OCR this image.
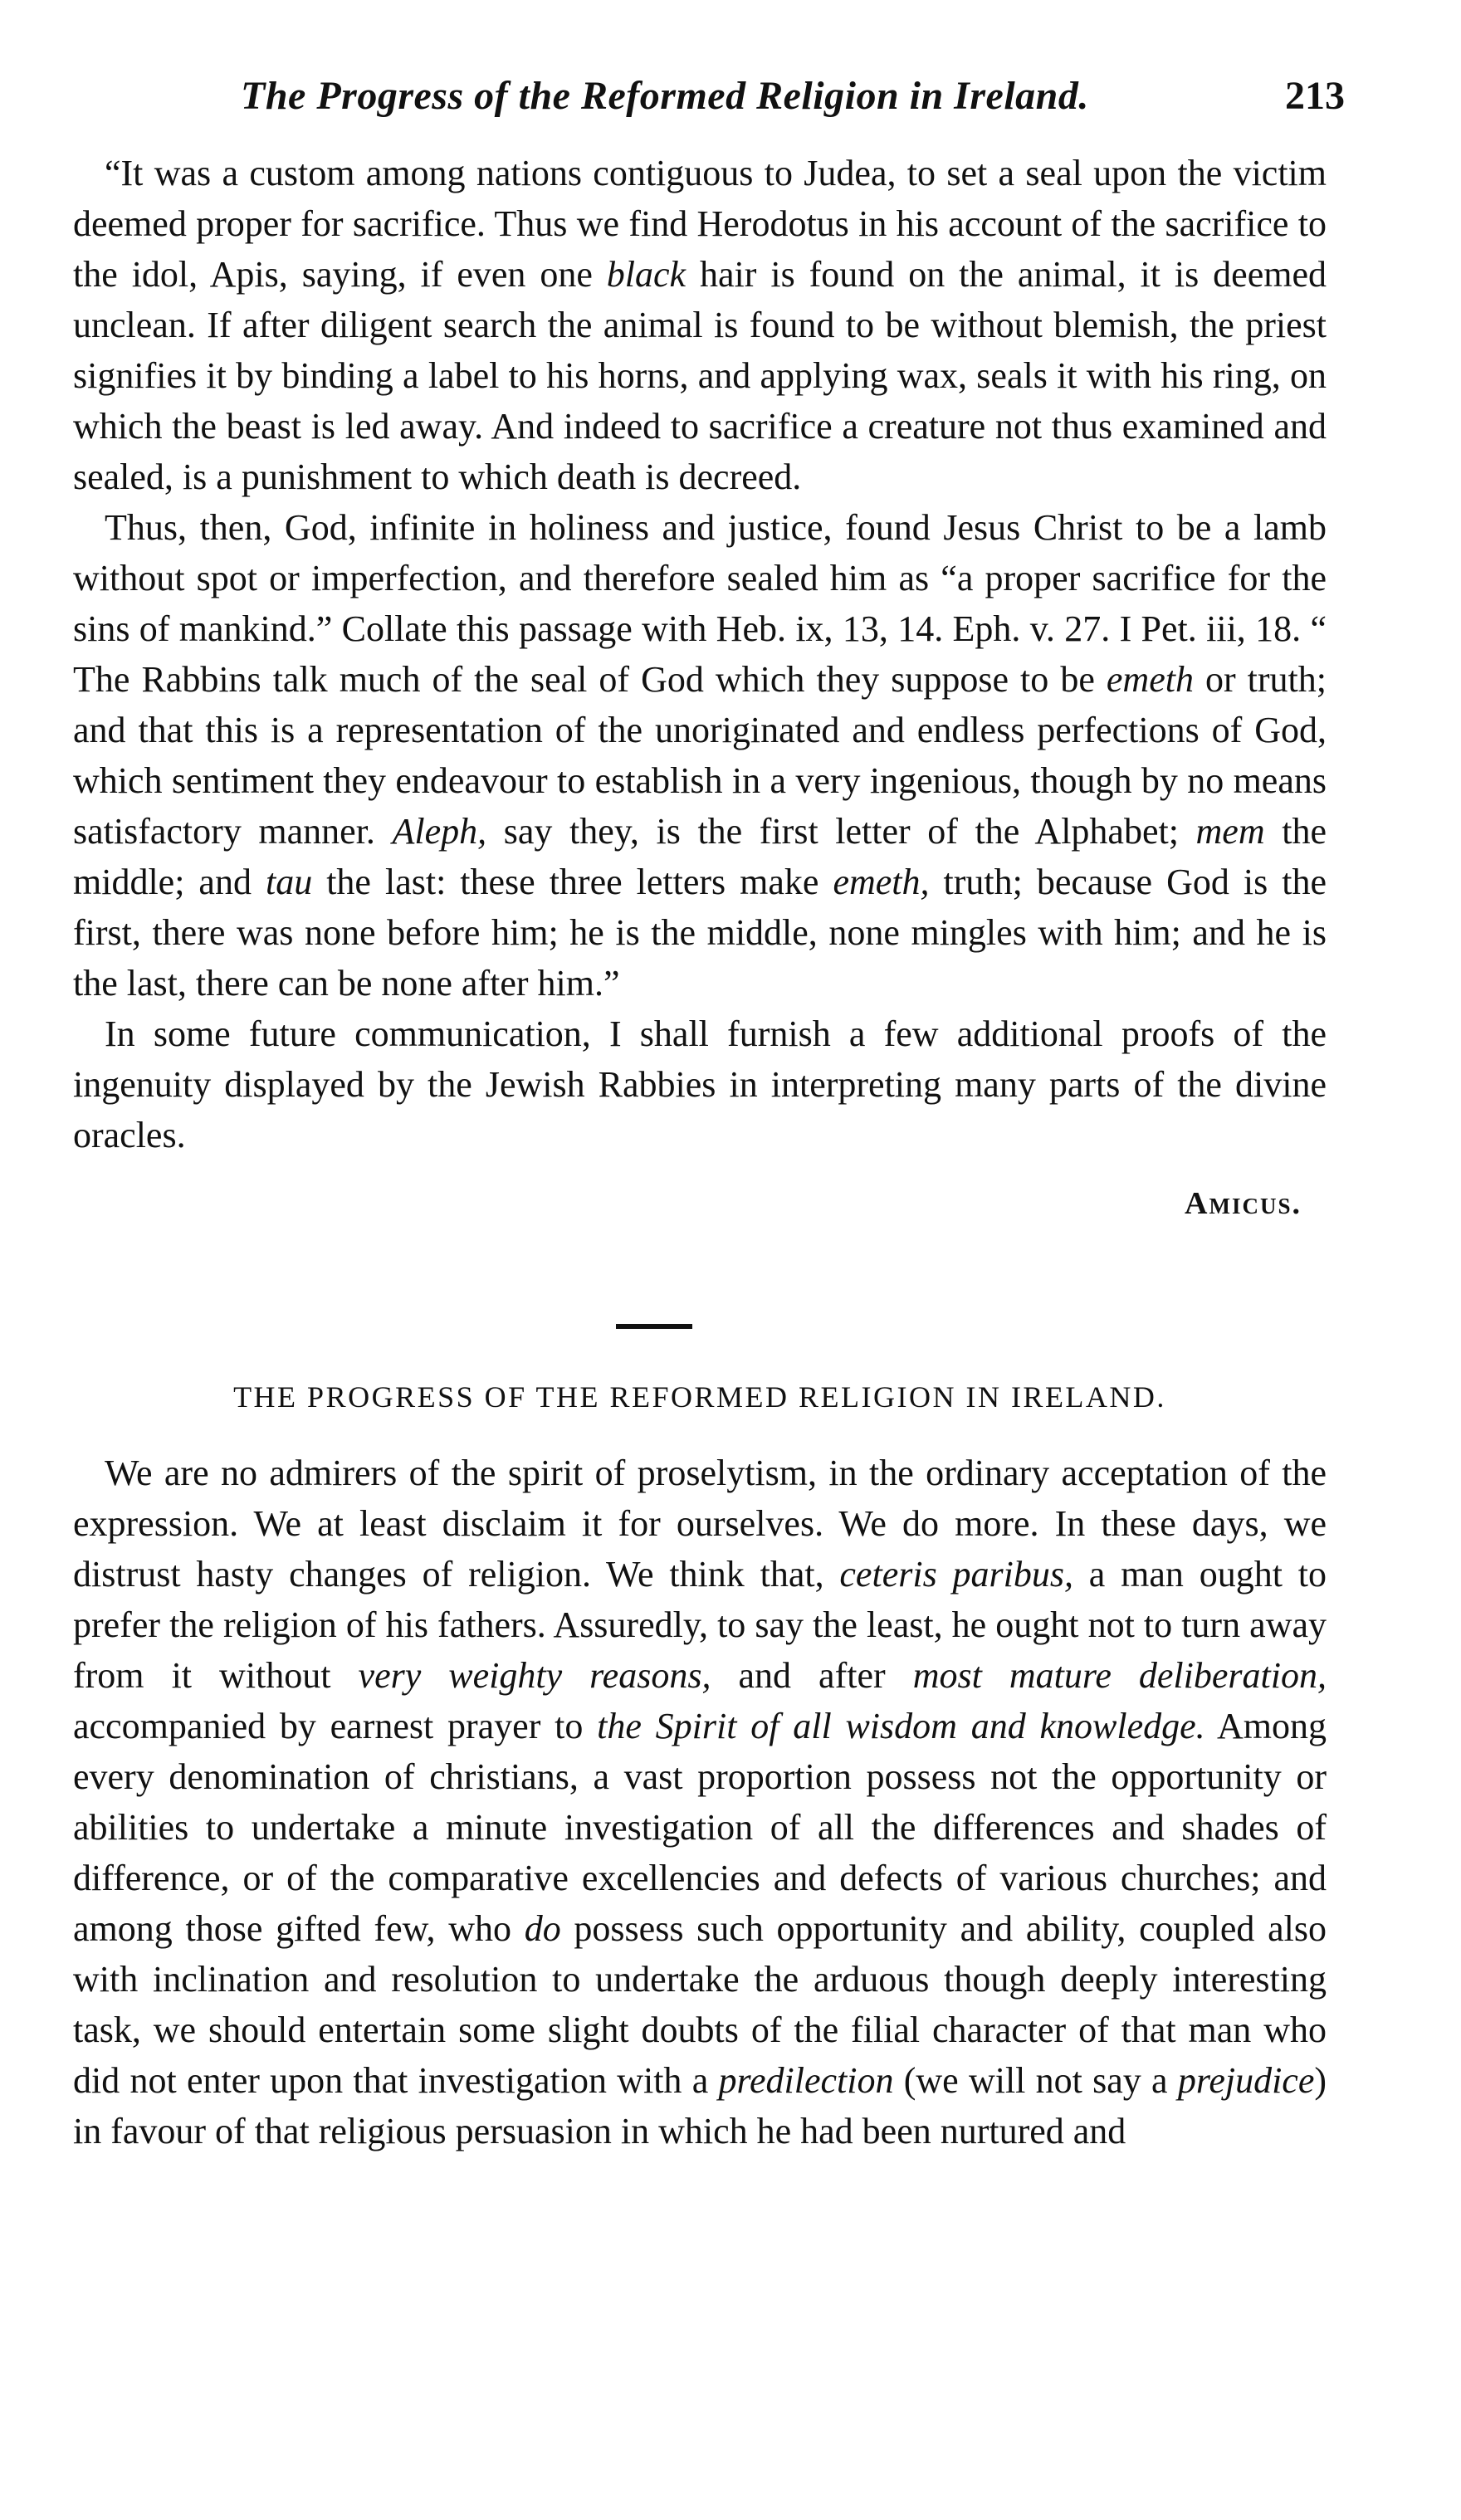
The Progress of the Reformed Religion in Ireland.	213

“It was a custom among nations contiguous to Judea, to set a seal upon the victim deemed proper for sacrifice. Thus we find Herodotus in his account of the sacrifice to the idol, Apis, saying, if even one black hair is found on the animal, it is deemed unclean. If after diligent search the animal is found to be without blemish, the priest signifies it by binding a label to his horns, and applying wax, seals it with his ring, on which the beast is led away. And indeed to sacrifice a creature not thus examined and sealed, is a punishment to which death is decreed.

Thus, then, God, infinite in holiness and justice, found Jesus Christ to be a lamb without spot or imperfection, and therefore sealed him as “a proper sacrifice for the sins of mankind.” Collate this passage with Heb. ix, 13, 14. Eph. v. 27. I Pet. iii, 18. “ The Rabbins talk much of the seal of God which they suppose to be emeth or truth; and that this is a representation of the unoriginated and endless perfections of God, which sentiment they endeavour to establish in a very ingenious, though by no means satisfactory manner. Aleph, say they, is the first letter of the Alphabet; mem the middle; and tau the last: these three letters make emeth, truth; because God is the first, there was none before him; he is the middle, none mingles with him; and he is the last, there can be none after him.”

In some future communication, I shall furnish a few additional proofs of the ingenuity displayed by the Jewish Rabbies in interpreting many parts of the divine oracles.

Amicus.
THE PROGRESS OF THE REFORMED RELIGION IN IRELAND.

We are no admirers of the spirit of proselytism, in the ordinary acceptation of the expression. We at least disclaim it for ourselves. We do more. In these days, we distrust hasty changes of religion. We think that, ceteris paribus, a man ought to prefer the religion of his fathers. Assuredly, to say the least, he ought not to turn away from it without very weighty reasons, and after most mature deliberation, accompanied by earnest prayer to the Spirit of all wisdom and knowledge. Among every denomination of christians, a vast proportion possess not the opportunity or abilities to undertake a minute investigation of all the differences and shades of difference, or of the comparative excellencies and defects of various churches; and among those gifted few, who do possess such opportunity and ability, coupled also with inclination and resolution to undertake the arduous though deeply interesting task, we should entertain some slight doubts of the filial character of that man who did not enter upon that investigation with a predilection (we will not say a prejudice) in favour of that religious persuasion in which he had been nurtured and
